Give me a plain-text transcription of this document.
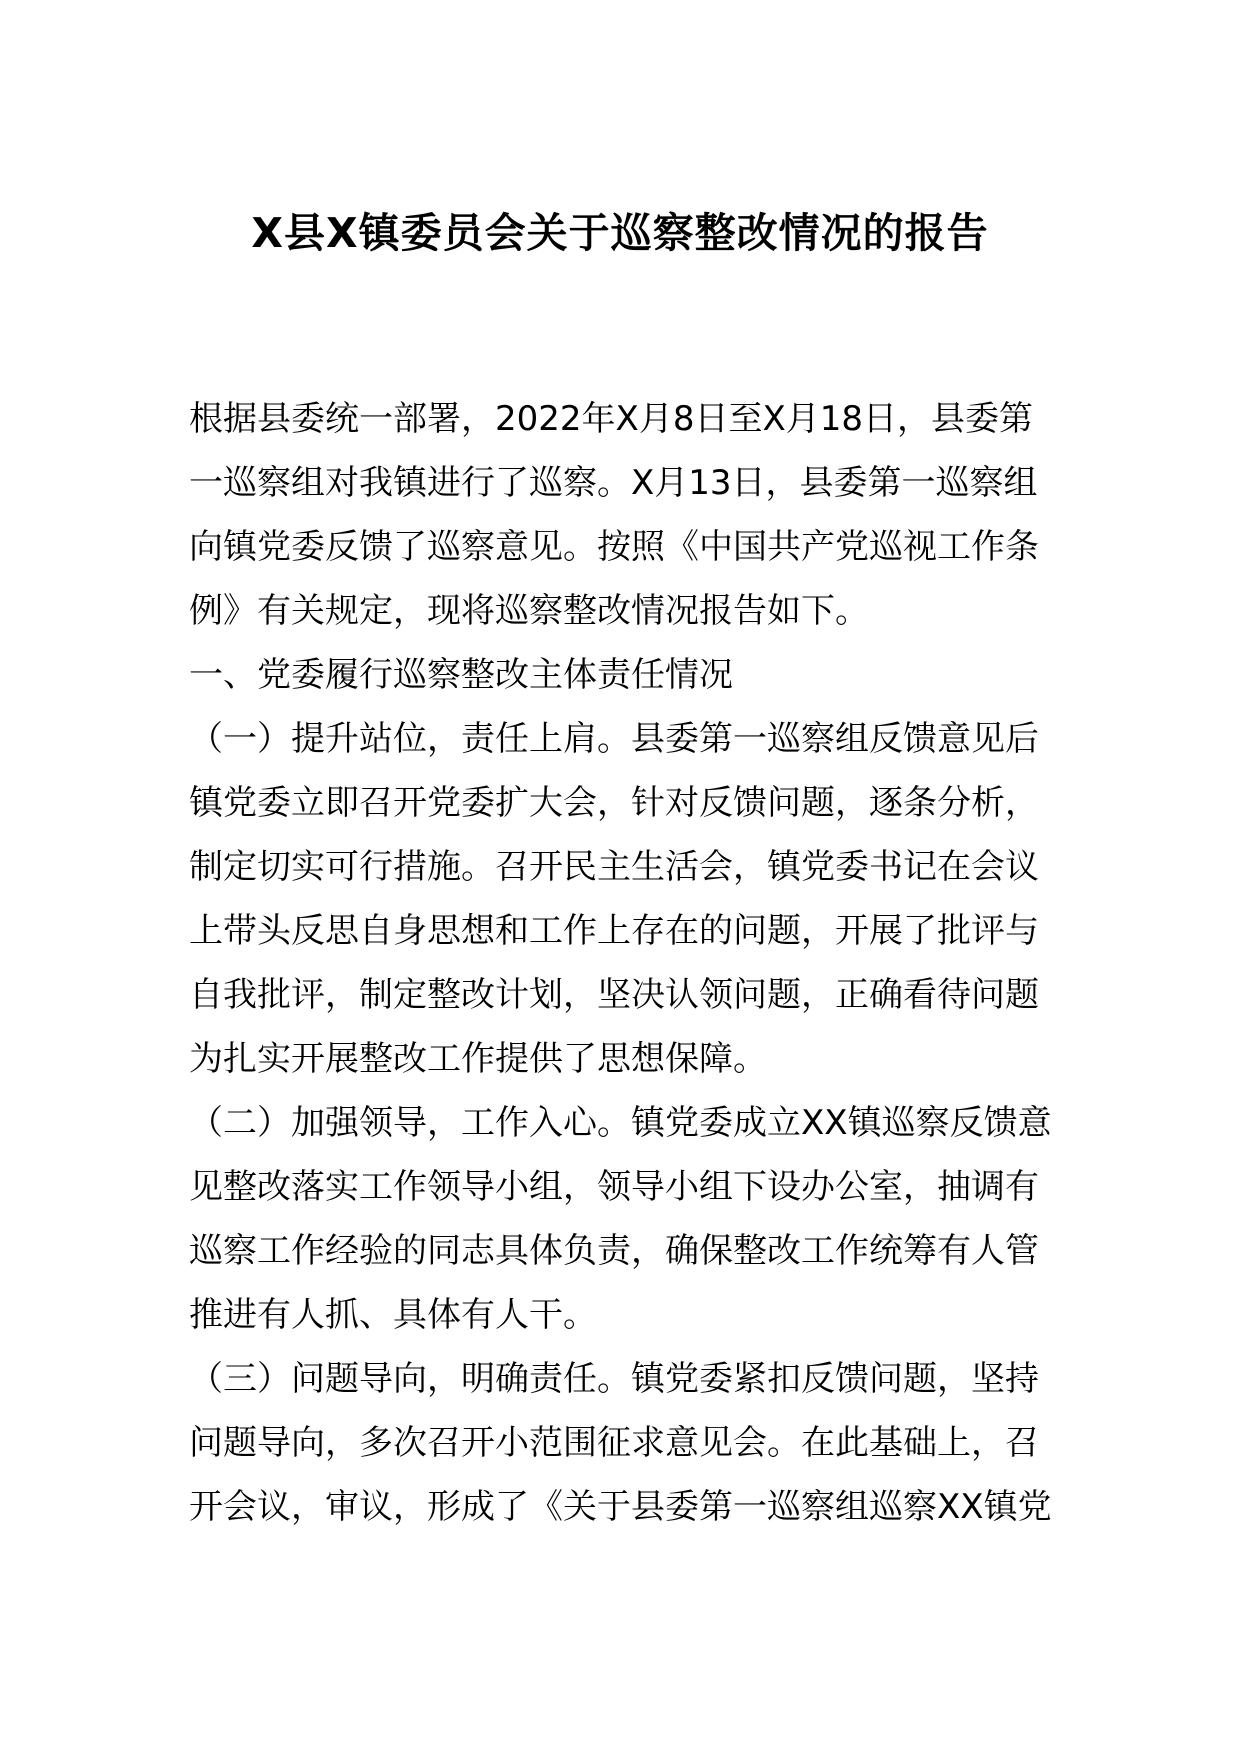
X县X镇委员会关于巡察整改情况的报告
根据县委统一部署，2022年X月8日至X月18日，县委第
一巡察组对我镇进行了巡察。X月13日，县委第一巡察组
向镇党委反馈了巡察意见。按照《中国共产党巡视工作条
例》有关规定，现将巡察整改情况报告如下。
一、党委履行巡察整改主体责任情况
（一）提升站位，责任上肩。县委第一巡察组反馈意见后
镇党委立即召开党委扩大会，针对反馈问题，逐条分析，
制定切实可行措施。召开民主生活会，镇党委书记在会议
上带头反思自身思想和工作上存在的问题，开展了批评与
自我批评，制定整改计划，坚决认领问题，正确看待问题
为扎实开展整改工作提供了思想保障。
（二）加强领导，工作入心。镇党委成立XX镇巡察反馈意
见整改落实工作领导小组，领导小组下设办公室，抽调有
巡察工作经验的同志具体负责，确保整改工作统筹有人管
推进有人抓、具体有人干。
（三）问题导向，明确责任。镇党委紧扣反馈问题，坚持
问题导向，多次召开小范围征求意见会。在此基础上，召
开会议，审议，形成了《关于县委第一巡察组巡察XX镇党
